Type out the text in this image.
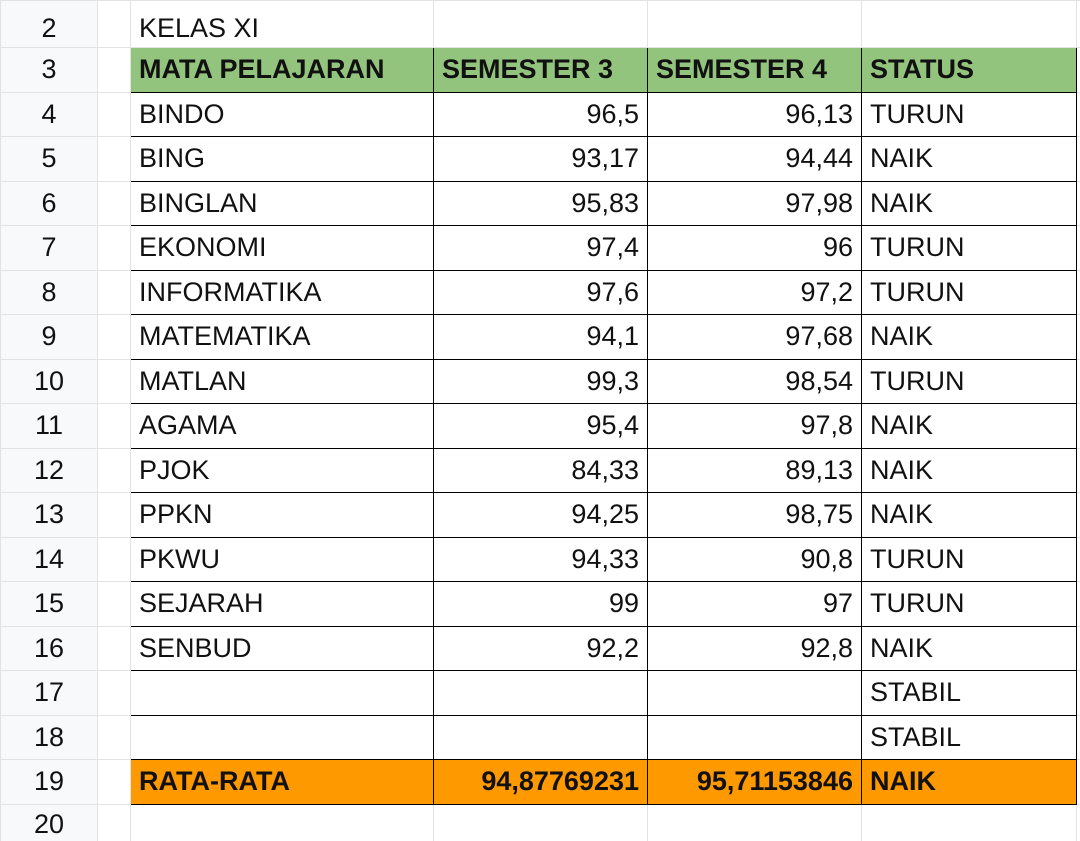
2		KELAS XI				
3		MATA PELAJARAN	SEMESTER 3	SEMESTER 4	STATUS	
4		BINDO	96,5	96,13	TURUN	
5		BING	93,17	94,44	NAIK	
6		BINGLAN	95,83	97,98	NAIK	
7		EKONOMI	97,4	96	TURUN	
8		INFORMATIKA	97,6	97,2	TURUN	
9		MATEMATIKA	94,1	97,68	NAIK	
10		MATLAN	99,3	98,54	TURUN	
11		AGAMA	95,4	97,8	NAIK	
12		PJOK	84,33	89,13	NAIK	
13		PPKN	94,25	98,75	NAIK	
14		PKWU	94,33	90,8	TURUN	
15		SEJARAH	99	97	TURUN	
16		SENBUD	92,2	92,8	NAIK	
17					STABIL	
18					STABIL	
19		RATA-RATA	94,87769231	95,71153846	NAIK	
20						
